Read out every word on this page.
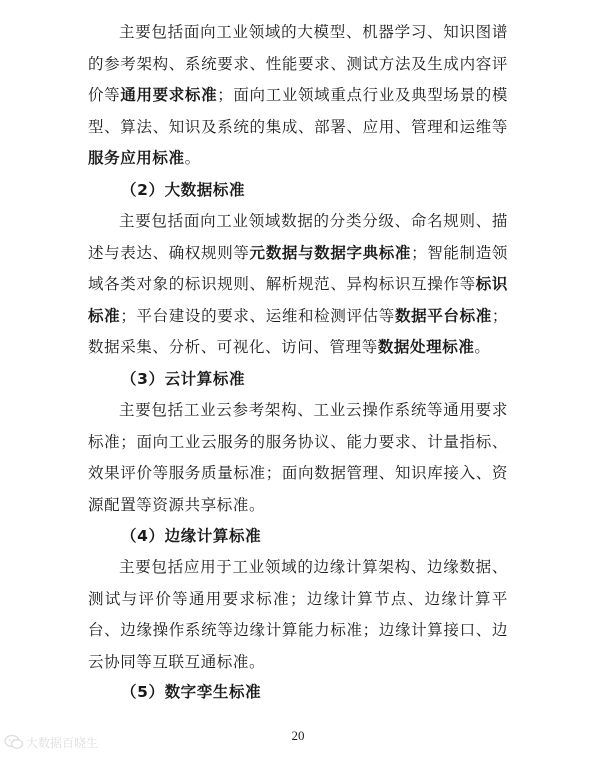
主要包括面向工业领域的大模型、机器学习、知识图谱的参考架构、系统要求、性能要求、测试方法及生成内容评价等通用要求标准；面向工业领域重点行业及典型场景的模型、算法、知识及系统的集成、部署、应用、管理和运维等服务应用标准。
（2）大数据标准
主要包括面向工业领域数据的分类分级、命名规则、描述与表达、确权规则等元数据与数据字典标准；智能制造领域各类对象的标识规则、解析规范、异构标识互操作等标识标准；平台建设的要求、运维和检测评估等数据平台标准；数据采集、分析、可视化、访问、管理等数据处理标准。
（3）云计算标准
主要包括工业云参考架构、工业云操作系统等通用要求标准；面向工业云服务的服务协议、能力要求、计量指标、效果评价等服务质量标准；面向数据管理、知识库接入、资源配置等资源共享标准。
（4）边缘计算标准
主要包括应用于工业领域的边缘计算架构、边缘数据、测试与评价等通用要求标准；边缘计算节点、边缘计算平台、边缘操作系统等边缘计算能力标准；边缘计算接口、边云协同等互联互通标准。
（5）数字孪生标准
20
大数据百晓生
